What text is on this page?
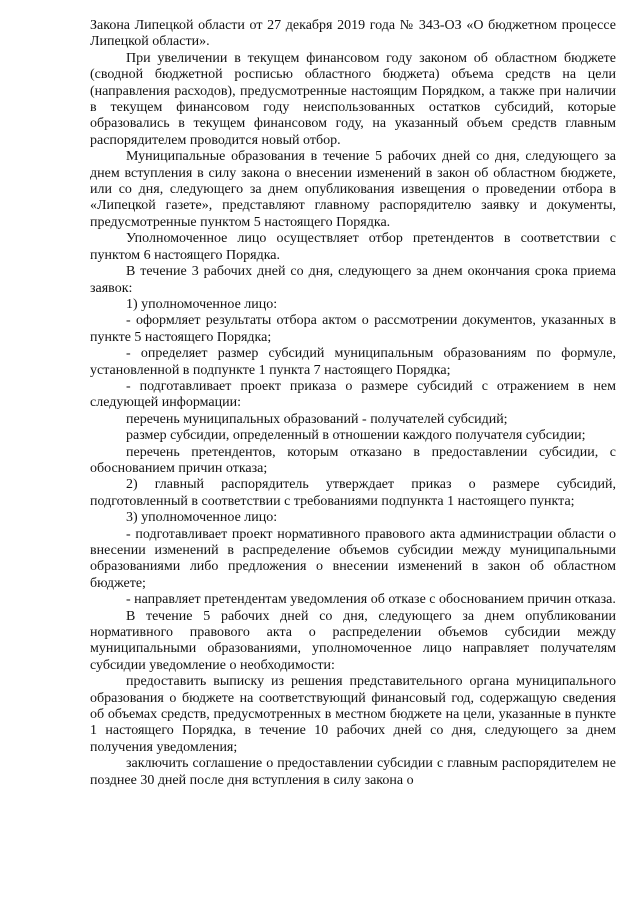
Закона Липецкой области от 27 декабря 2019 года № 343-ОЗ «О бюджетном процессе Липецкой области».

При увеличении в текущем финансовом году законом об областном бюджете (сводной бюджетной росписью областного бюджета) объема средств на цели (направления расходов), предусмотренные настоящим Порядком, а также при наличии в текущем финансовом году неиспользованных остатков субсидий, которые образовались в текущем финансовом году, на указанный объем средств главным распорядителем проводится новый отбор.

Муниципальные образования в течение 5 рабочих дней со дня, следующего за днем вступления в силу закона о внесении изменений в закон об областном бюджете, или со дня, следующего за днем опубликования извещения о проведении отбора в «Липецкой газете», представляют главному распорядителю заявку и документы, предусмотренные пунктом 5 настоящего Порядка.

Уполномоченное лицо осуществляет отбор претендентов в соответствии с пунктом 6 настоящего Порядка.

В течение 3 рабочих дней со дня, следующего за днем окончания срока приема заявок:

1) уполномоченное лицо:

- оформляет результаты отбора актом о рассмотрении документов, указанных в пункте 5 настоящего Порядка;

- определяет размер субсидий муниципальным образованиям по формуле, установленной в подпункте 1 пункта 7 настоящего Порядка;

- подготавливает проект приказа о размере субсидий с отражением в нем следующей информации:

перечень муниципальных образований - получателей субсидий;

размер субсидии, определенный в отношении каждого получателя субсидии;

перечень претендентов, которым отказано в предоставлении субсидии, с обоснованием причин отказа;

2) главный распорядитель утверждает приказ о размере субсидий, подготовленный в соответствии с требованиями подпункта 1 настоящего пункта;

3) уполномоченное лицо:

- подготавливает проект нормативного правового акта администрации области о внесении изменений в распределение объемов субсидии между муниципальными образованиями либо предложения о внесении изменений в закон об областном бюджете;

- направляет претендентам уведомления об отказе с обоснованием причин отказа.

В течение 5 рабочих дней со дня, следующего за днем опубликовании нормативного правового акта о распределении объемов субсидии между муниципальными образованиями, уполномоченное лицо направляет получателям субсидии уведомление о необходимости:

предоставить выписку из решения представительного органа муниципального образования о бюджете на соответствующий финансовый год, содержащую сведения об объемах средств, предусмотренных в местном бюджете на цели, указанные в пункте 1 настоящего Порядка, в течение 10 рабочих дней со дня, следующего за днем получения уведомления;

заключить соглашение о предоставлении субсидии с главным распорядителем не позднее 30 дней после дня вступления в силу закона о
